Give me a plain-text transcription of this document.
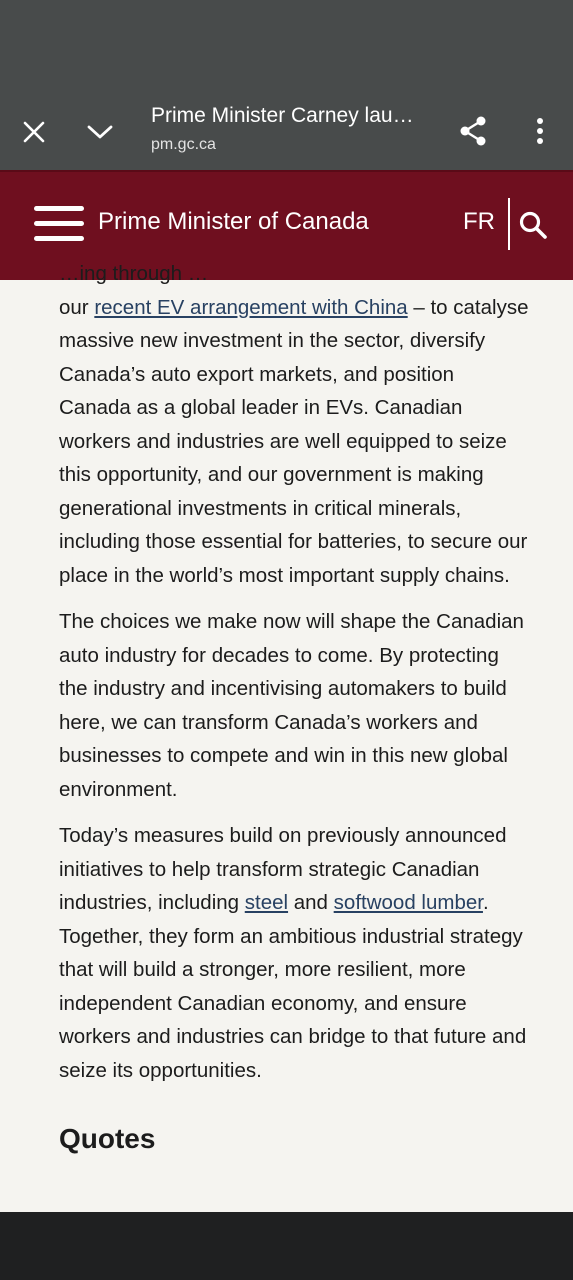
Prime Minister Carney lau…
pm.gc.ca
Prime Minister of Canada	FR

…ing through …
our recent EV arrangement with China – to catalyse massive new investment in the sector, diversify Canada’s auto export markets, and position Canada as a global leader in EVs. Canadian workers and industries are well equipped to seize this opportunity, and our government is making generational investments in critical minerals, including those essential for batteries, to secure our place in the world’s most important supply chains.

The choices we make now will shape the Canadian auto industry for decades to come. By protecting the industry and incentivising automakers to build here, we can transform Canada’s workers and businesses to compete and win in this new global environment.

Today’s measures build on previously announced initiatives to help transform strategic Canadian industries, including steel and softwood lumber. Together, they form an ambitious industrial strategy that will build a stronger, more resilient, more independent Canadian economy, and ensure workers and industries can bridge to that future and seize its opportunities.

Quotes
